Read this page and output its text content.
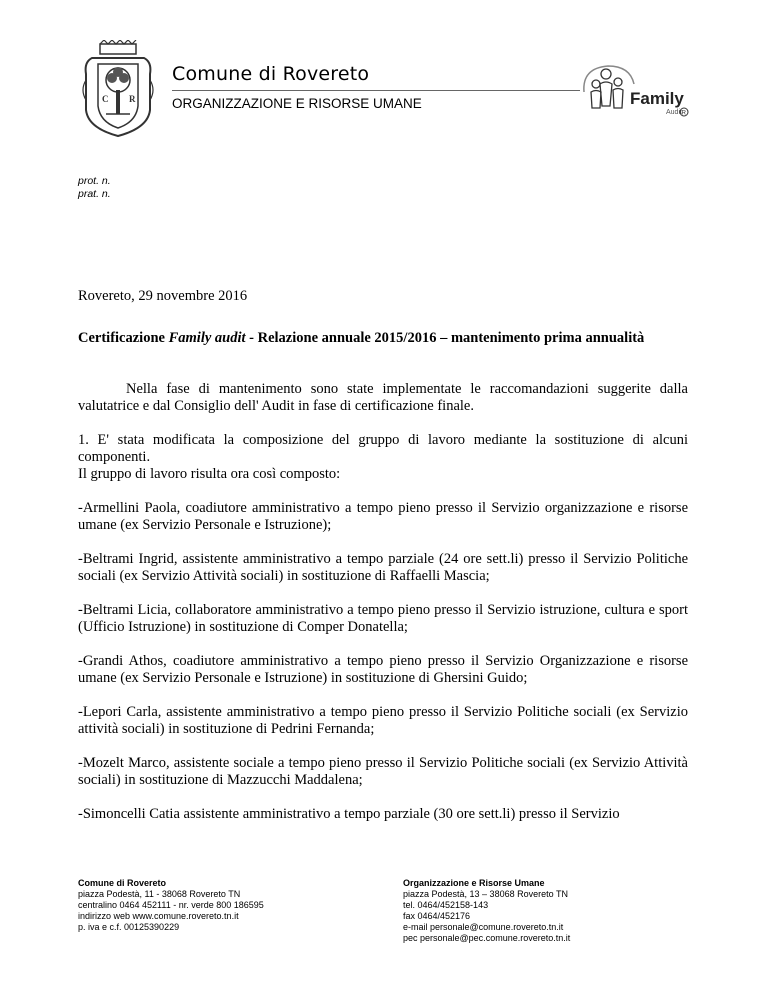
C R
Comune di Rovereto
ORGANIZZAZIONE E RISORSE UMANE	Family
Audit R
prot. n.
prat. n.

Rovereto, 29 novembre 2016

Certificazione Family audit - Relazione annuale 2015/2016 – mantenimento prima annualità

Nella fase di mantenimento sono state implementate le raccomandazioni suggerite dalla valutatrice e dal Consiglio dell' Audit in fase di certificazione finale.

1. E' stata modificata la composizione del gruppo di lavoro mediante la sostituzione di alcuni componenti.

Il gruppo di lavoro risulta ora così composto:

-Armellini Paola, coadiutore amministrativo a tempo pieno presso il Servizio organizzazione e risorse umane (ex Servizio Personale e Istruzione);

-Beltrami Ingrid, assistente amministrativo a tempo parziale (24 ore sett.li) presso il Servizio Politiche sociali (ex Servizio Attività sociali) in sostituzione di Raffaelli Mascia;

-Beltrami Licia, collaboratore amministrativo a tempo pieno presso il Servizio istruzione, cultura e sport (Ufficio Istruzione) in sostituzione di Comper Donatella;

-Grandi Athos, coadiutore amministrativo a tempo pieno presso il Servizio Organizzazione e risorse umane (ex Servizio Personale e Istruzione) in sostituzione di Ghersini Guido;

-Lepori Carla, assistente amministrativo a tempo pieno presso il Servizio Politiche sociali (ex Servizio attività sociali) in sostituzione di Pedrini Fernanda;

-Mozelt Marco, assistente sociale a tempo pieno presso il Servizio Politiche sociali (ex Servizio Attività sociali) in sostituzione di Mazzucchi Maddalena;

-Simoncelli Catia assistente amministrativo a tempo parziale (30 ore sett.li) presso il Servizio

Comune di Rovereto
piazza Podestà, 11 - 38068 Rovereto TN
centralino 0464 452111 - nr. verde 800 186595
indirizzo web www.comune.rovereto.tn.it
p. iva e c.f. 00125390229
Organizzazione e Risorse Umane
piazza Podestà, 13 – 38068 Rovereto TN
tel. 0464/452158-143
fax 0464/452176
e-mail personale@comune.rovereto.tn.it
pec personale@pec.comune.rovereto.tn.it
